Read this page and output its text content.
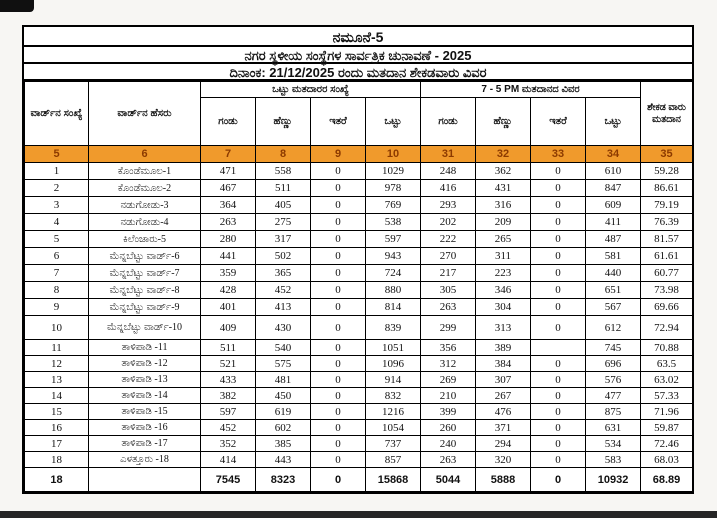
ನಮೂನೆ-5
ನಗರ ಸ್ಥಳೀಯ ಸಂಸ್ಥೆಗಳ ಸಾರ್ವತ್ರಿಕ ಚುನಾವಣೆ - 2025
ದಿನಾಂಕ: 21/12/2025 ರಂದು ಮತದಾನ ಶೇಕಡವಾರು ವಿವರ
ವಾರ್ಡ್‌ನ ಸಂಖ್ಯೆ	ವಾರ್ಡ್‌ನ ಹೆಸರು	ಒಟ್ಟು ಮತದಾರರ ಸಂಖ್ಯೆ				7 - 5 PM ಮತದಾನದ ವಿವರ				ಶೇಕಡ ವಾರು ಮತದಾನ
		ಗಂಡು	ಹೆಣ್ಣು	ಇತರೆ	ಒಟ್ಟು	ಗಂಡು	ಹೆಣ್ಣು	ಇತರೆ	ಒಟ್ಟು	
5	6	7	8	9	10	31	32	33	34	35
1	ಕೊಂಡೆಮೂಲ-1	471	558	0	1029	248	362	0	610	59.28
2	ಕೊಂಡೆಮೂಲ-2	467	511	0	978	416	431	0	847	86.61
3	ನಡುಗೋಡು-3	364	405	0	769	293	316	0	609	79.19
4	ನಡುಗೋಡು-4	263	275	0	538	202	209	0	411	76.39
5	ಕಿಲೆಂಜಾರು-5	280	317	0	597	222	265	0	487	81.57
6	ಮೆನ್ನಬೆಟ್ಟು ವಾರ್ಡ್-6	441	502	0	943	270	311	0	581	61.61
7	ಮೆನ್ನಬೆಟ್ಟು ವಾರ್ಡ್-7	359	365	0	724	217	223	0	440	60.77
8	ಮೆನ್ನಬೆಟ್ಟು ವಾರ್ಡ್-8	428	452	0	880	305	346	0	651	73.98
9	ಮೆನ್ನಬೆಟ್ಟು ವಾರ್ಡ್-9	401	413	0	814	263	304	0	567	69.66
10	ಮೆನ್ನಬೆಟ್ಟು ವಾರ್ಡ್-10	409	430	0	839	299	313	0	612	72.94
11	ತಾಳಿಪಾಡಿ -11	511	540	0	1051	356	389		745	70.88
12	ತಾಳಿಪಾಡಿ -12	521	575	0	1096	312	384	0	696	63.5
13	ತಾಳಿಪಾಡಿ -13	433	481	0	914	269	307	0	576	63.02
14	ತಾಳಿಪಾಡಿ -14	382	450	0	832	210	267	0	477	57.33
15	ತಾಳಿಪಾಡಿ -15	597	619	0	1216	399	476	0	875	71.96
16	ತಾಳಿಪಾಡಿ -16	452	602	0	1054	260	371	0	631	59.87
17	ತಾಳಿಪಾಡಿ -17	352	385	0	737	240	294	0	534	72.46
18	ಎಳತ್ತೂರು -18	414	443	0	857	263	320	0	583	68.03
18		7545	8323	0	15868	5044	5888	0	10932	68.89
